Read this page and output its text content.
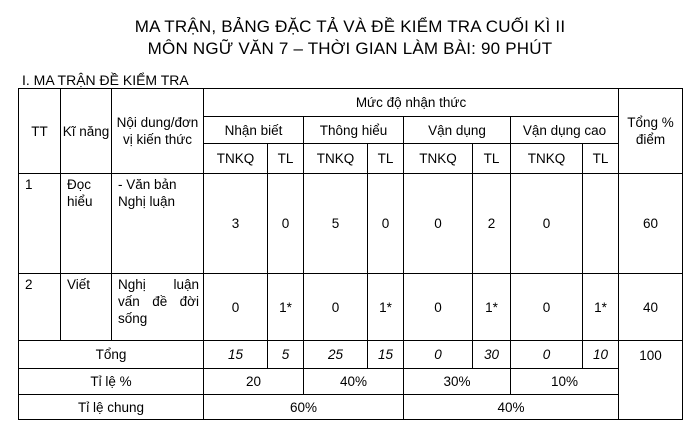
MA TRẬN, BẢNG ĐẶC TẢ VÀ ĐỀ KIỂM TRA CUỐI KÌ II
MÔN NGỮ VĂN 7 – THỜI GIAN LÀM BÀI: 90 PHÚT
I. MA TRẬN ĐỀ KIỂM TRA
TT	Kĩ năng	Nội dung/đơn vị kiến thức	Mức độ nhận thức								Tổng % điểm
			Nhận biết		Thông hiểu		Vận dụng		Vận dụng cao		
			TNKQ	TL	TNKQ	TL	TNKQ	TL	TNKQ	TL	
1	Đọc hiểu	- Văn bản Nghị luận	3	0	5	0	0	2	0		60
2	Viết	Nghị luận vấn đề đời sống	0	1*	0	1*	0	1*	0	1*	40
Tổng			15	5	25	15	0	30	0	10	100
Tỉ lệ %			20		40%		30%		10%		
Tỉ lệ chung			60%				40%				
